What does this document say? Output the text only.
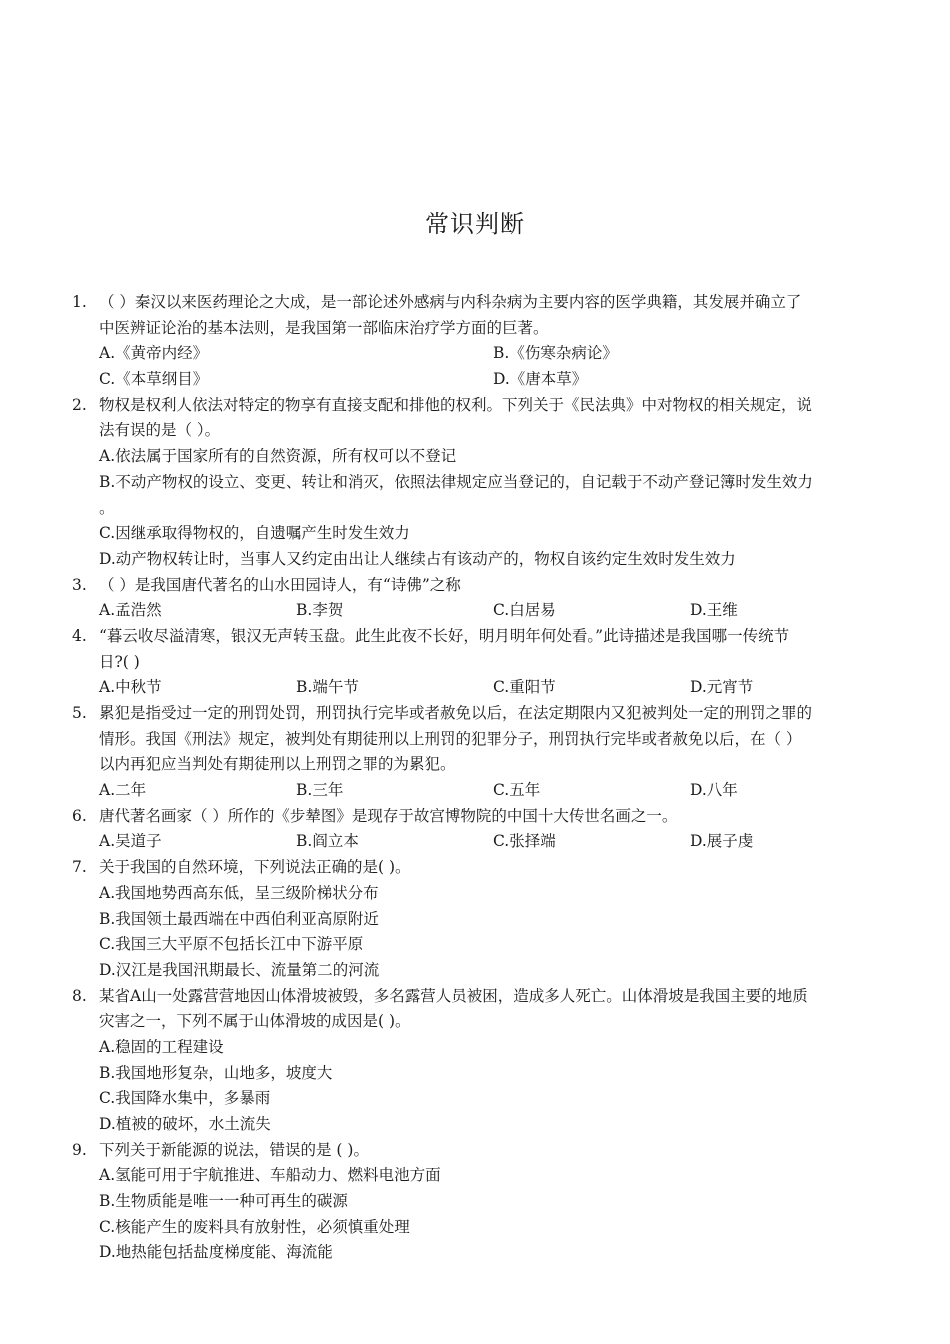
常识判断
1. （ ）秦汉以来医药理论之大成，是一部论述外感病与内科杂病为主要内容的医学典籍，其发展并确立了
中医辨证论治的基本法则，是我国第一部临床治疗学方面的巨著。
A.《黄帝内经》	B.《伤寒杂病论》
C.《本草纲目》	D.《唐本草》
2. 物权是权利人依法对特定的物享有直接支配和排他的权利。下列关于《民法典》中对物权的相关规定，说
法有误的是（ ）。
A.依法属于国家所有的自然资源，所有权可以不登记
B.不动产物权的设立、变更、转让和消灭，依照法律规定应当登记的，自记载于不动产登记簿时发生效力
。
C.因继承取得物权的，自遗嘱产生时发生效力
D.动产物权转让时，当事人又约定由出让人继续占有该动产的，物权自该约定生效时发生效力
3. （ ）是我国唐代著名的山水田园诗人，有“诗佛”之称
A.孟浩然	B.李贺	C.白居易	D.王维
4. “暮云收尽溢清寒，银汉无声转玉盘。此生此夜不长好，明月明年何处看。”此诗描述是我国哪一传统节
日?( )
A.中秋节	B.端午节	C.重阳节	D.元宵节
5. 累犯是指受过一定的刑罚处罚，刑罚执行完毕或者赦免以后，在法定期限内又犯被判处一定的刑罚之罪的
情形。我国《刑法》规定，被判处有期徒刑以上刑罚的犯罪分子，刑罚执行完毕或者赦免以后，在（ ）
以内再犯应当判处有期徒刑以上刑罚之罪的为累犯。
A.二年	B.三年	C.五年	D.八年
6. 唐代著名画家（ ）所作的《步辇图》是现存于故宫博物院的中国十大传世名画之一。
A.吴道子	B.阎立本	C.张择端	D.展子虔
7. 关于我国的自然环境，下列说法正确的是( )。
A.我国地势西高东低，呈三级阶梯状分布
B.我国领土最西端在中西伯利亚高原附近
C.我国三大平原不包括长江中下游平原
D.汉江是我国汛期最长、流量第二的河流
8. 某省A山一处露营营地因山体滑坡被毁，多名露营人员被困，造成多人死亡。山体滑坡是我国主要的地质
灾害之一，下列不属于山体滑坡的成因是( )。
A.稳固的工程建设
B.我国地形复杂，山地多，坡度大
C.我国降水集中，多暴雨
D.植被的破坏，水土流失
9. 下列关于新能源的说法，错误的是 ( )。
A.氢能可用于宇航推进、车船动力、燃料电池方面
B.生物质能是唯一一种可再生的碳源
C.核能产生的废料具有放射性，必须慎重处理
D.地热能包括盐度梯度能、海流能
